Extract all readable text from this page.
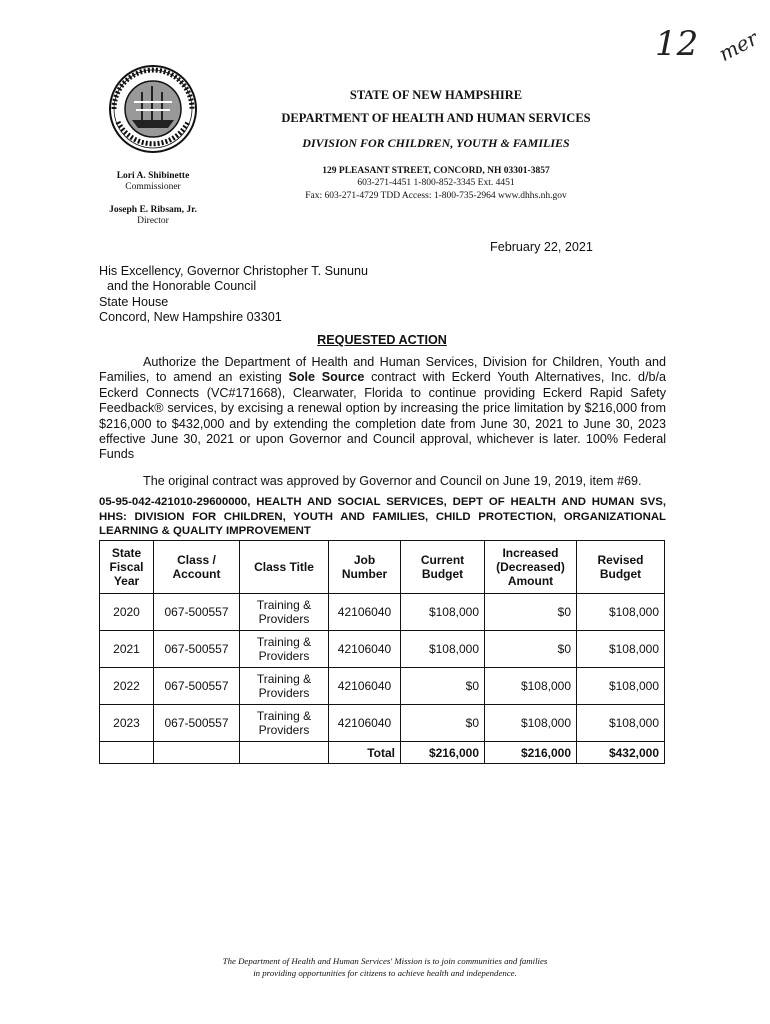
12 mer
STATE OF NEW HAMPSHIRE
DEPARTMENT OF HEALTH AND HUMAN SERVICES
DIVISION FOR CHILDREN, YOUTH & FAMILIES
129 PLEASANT STREET, CONCORD, NH 03301-3857
603-271-4451 1-800-852-3345 Ext. 4451
Fax: 603-271-4729 TDD Access: 1-800-735-2964 www.dhhs.nh.gov
Lori A. Shibinette
Commissioner
Joseph E. Ribsam, Jr.
Director
February 22, 2021
His Excellency, Governor Christopher T. Sununu
and the Honorable Council
State House
Concord, New Hampshire 03301
REQUESTED ACTION
Authorize the Department of Health and Human Services, Division for Children, Youth and Families, to amend an existing Sole Source contract with Eckerd Youth Alternatives, Inc. d/b/a Eckerd Connects (VC#171668), Clearwater, Florida to continue providing Eckerd Rapid Safety Feedback® services, by excising a renewal option by increasing the price limitation by $216,000 from $216,000 to $432,000 and by extending the completion date from June 30, 2021 to June 30, 2023 effective June 30, 2021 or upon Governor and Council approval, whichever is later. 100% Federal Funds
The original contract was approved by Governor and Council on June 19, 2019, item #69.
05-95-042-421010-29600000, HEALTH AND SOCIAL SERVICES, DEPT OF HEALTH AND HUMAN SVS, HHS: DIVISION FOR CHILDREN, YOUTH AND FAMILIES, CHILD PROTECTION, ORGANIZATIONAL LEARNING & QUALITY IMPROVEMENT
State Fiscal Year	Class / Account	Class Title	Job Number	Current Budget	Increased (Decreased) Amount	Revised Budget
2020	067-500557	Training & Providers	42106040	$108,000	$0	$108,000
2021	067-500557	Training & Providers	42106040	$108,000	$0	$108,000
2022	067-500557	Training & Providers	42106040	$0	$108,000	$108,000
2023	067-500557	Training & Providers	42106040	$0	$108,000	$108,000
			Total	$216,000	$216,000	$432,000
The Department of Health and Human Services' Mission is to join communities and families
in providing opportunities for citizens to achieve health and independence.
